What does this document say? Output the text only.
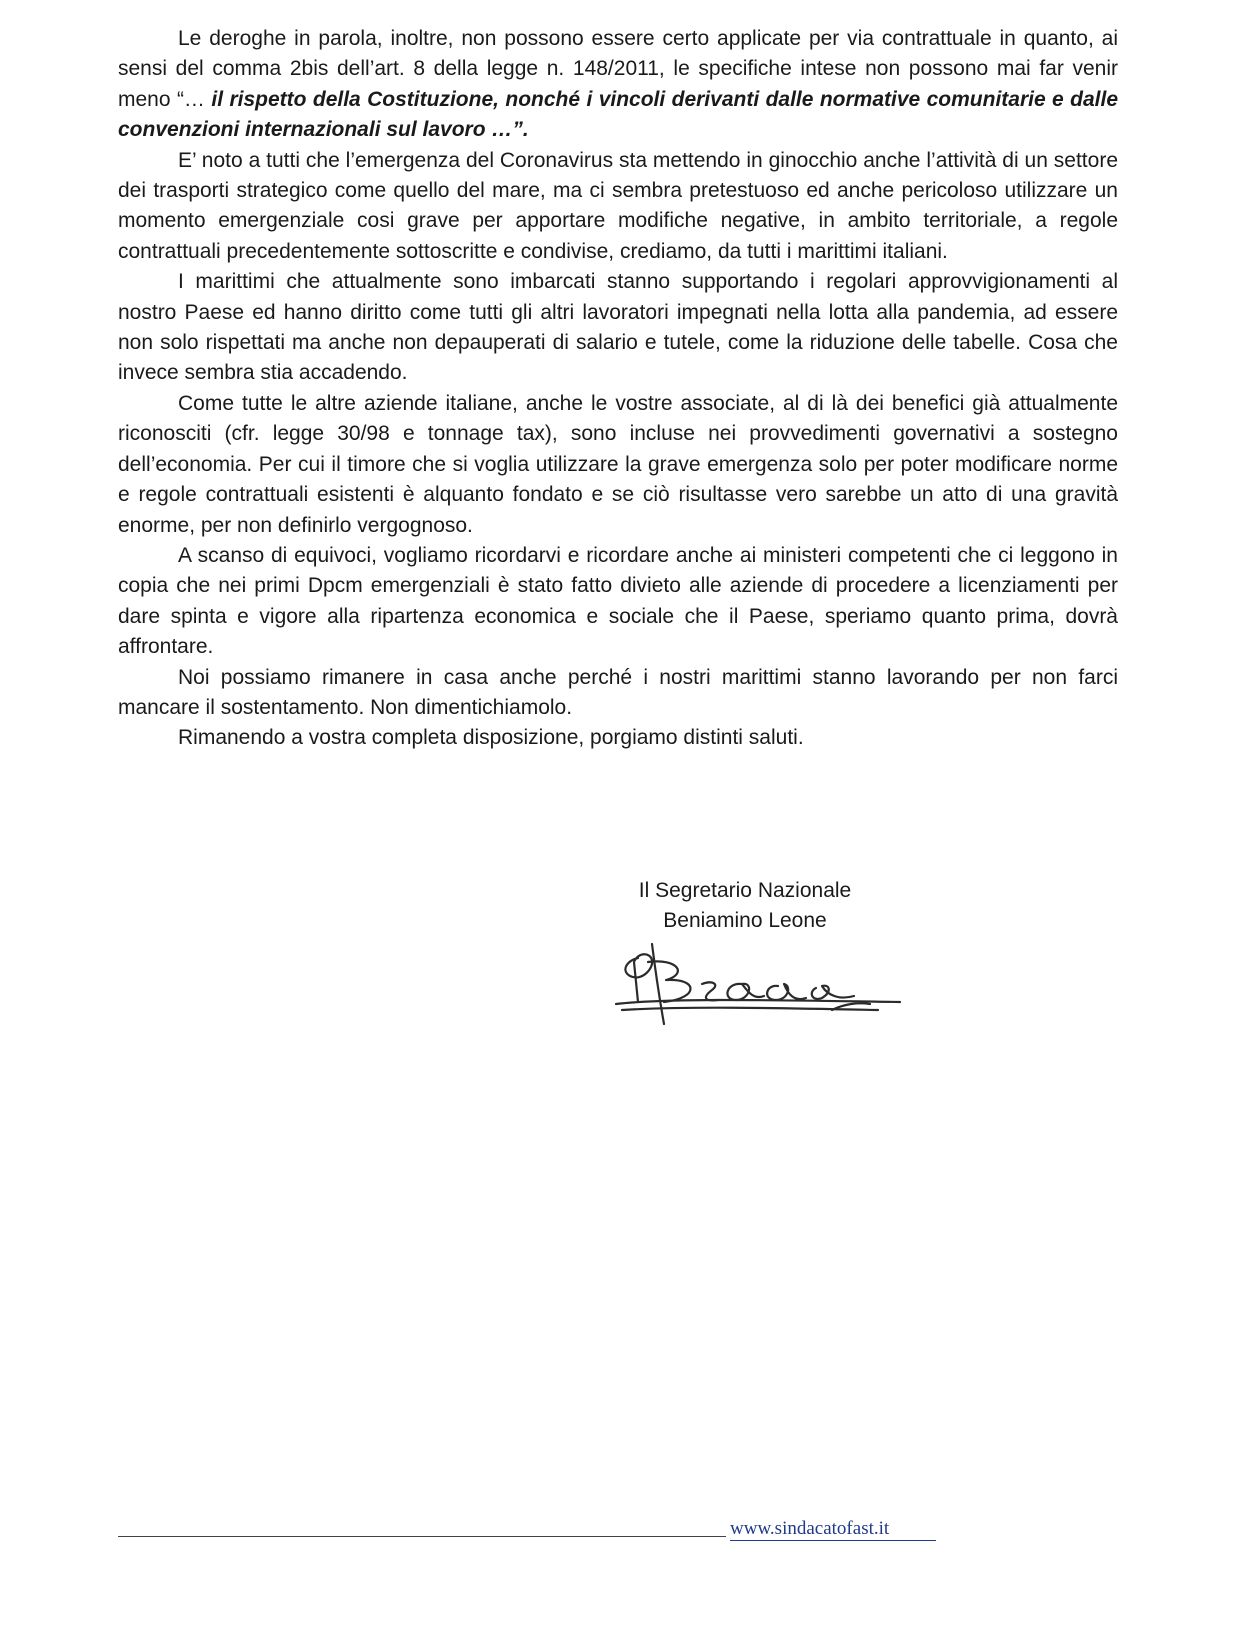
Le deroghe in parola, inoltre, non possono essere certo applicate per via contrattuale in quanto, ai sensi del comma 2bis dell’art. 8 della legge n. 148/2011, le specifiche intese non possono mai far venir meno “… il rispetto della Costituzione, nonché i vincoli derivanti dalle normative comunitarie e dalle convenzioni internazionali sul lavoro …”.

E’ noto a tutti che l’emergenza del Coronavirus sta mettendo in ginocchio anche l’attività di un settore dei trasporti strategico come quello del mare, ma ci sembra pretestuoso ed anche pericoloso utilizzare un momento emergenziale cosi grave per apportare modifiche negative, in ambito territoriale, a regole contrattuali precedentemente sottoscritte e condivise, crediamo, da tutti i marittimi italiani.

I marittimi che attualmente sono imbarcati stanno supportando i regolari approvvigionamenti al nostro Paese ed hanno diritto come tutti gli altri lavoratori impegnati nella lotta alla pandemia, ad essere non solo rispettati ma anche non depauperati di salario e tutele, come la riduzione delle tabelle. Cosa che invece sembra stia accadendo.

Come tutte le altre aziende italiane, anche le vostre associate, al di là dei benefici già attualmente riconosciti (cfr. legge 30/98 e tonnage tax), sono incluse nei provvedimenti governativi a sostegno dell’economia. Per cui il timore che si voglia utilizzare la grave emergenza solo per poter modificare norme e regole contrattuali esistenti è alquanto fondato e se ciò risultasse vero sarebbe un atto di una gravità enorme, per non definirlo vergognoso.

A scanso di equivoci, vogliamo ricordarvi e ricordare anche ai ministeri competenti che ci leggono in copia che nei primi Dpcm emergenziali è stato fatto divieto alle aziende di procedere a licenziamenti per dare spinta e vigore alla ripartenza economica e sociale che il Paese, speriamo quanto prima, dovrà affrontare.

Noi possiamo rimanere in casa anche perché i nostri marittimi stanno lavorando per non farci mancare il sostentamento. Non dimentichiamolo.

Rimanendo a vostra completa disposizione, porgiamo distinti saluti.

Il Segretario Nazionale
Beniamino Leone
www.sindacatofast.it
